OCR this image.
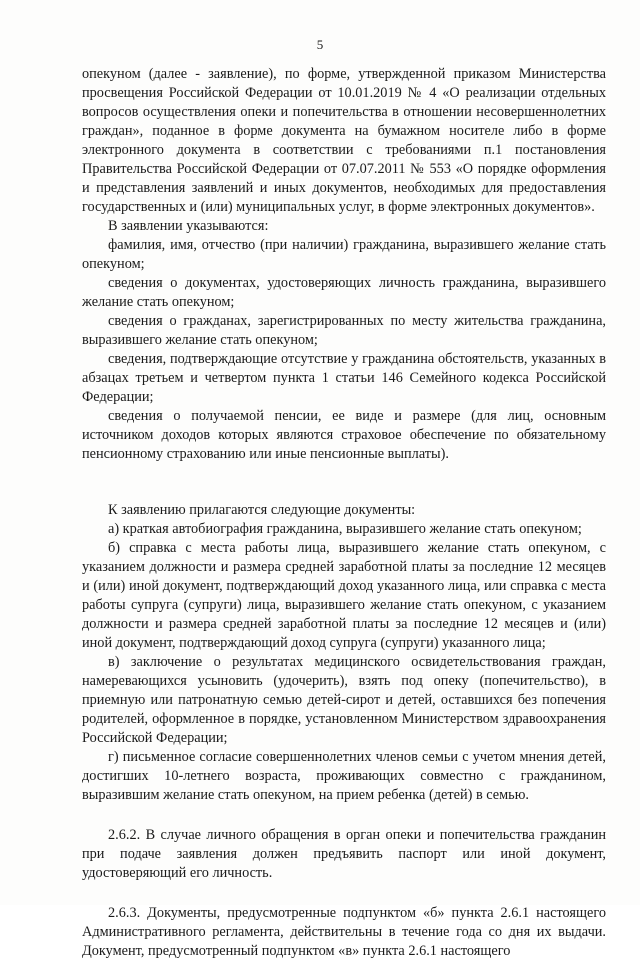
5

опекуном (далее - заявление), по форме, утвержденной приказом Министерства просвещения Российской Федерации от 10.01.2019 № 4 «О реализации отдельных вопросов осуществления опеки и попечительства в отношении несовершеннолетних граждан», поданное в форме документа на бумажном носителе либо в форме электронного документа в соответствии с требованиями п.1 постановления Правительства Российской Федерации от 07.07.2011 № 553 «О порядке оформления и представления заявлений и иных документов, необходимых для предоставления государственных и (или) муниципальных услуг, в форме электронных документов».

В заявлении указываются:

фамилия, имя, отчество (при наличии) гражданина, выразившего желание стать опекуном;

сведения о документах, удостоверяющих личность гражданина, выразившего желание стать опекуном;

сведения о гражданах, зарегистрированных по месту жительства гражданина, выразившего желание стать опекуном;

сведения, подтверждающие отсутствие у гражданина обстоятельств, указанных в абзацах третьем и четвертом пункта 1 статьи 146 Семейного кодекса Российской Федерации;

сведения о получаемой пенсии, ее виде и размере (для лиц, основным источником доходов которых являются страховое обеспечение по обязательному пенсионному страхованию или иные пенсионные выплаты).

К заявлению прилагаются следующие документы:

а) краткая автобиография гражданина, выразившего желание стать опекуном;

б) справка с места работы лица, выразившего желание стать опекуном, с указанием должности и размера средней заработной платы за последние 12 месяцев и (или) иной документ, подтверждающий доход указанного лица, или справка с места работы супруга (супруги) лица, выразившего желание стать опекуном, с указанием должности и размера средней заработной платы за последние 12 месяцев и (или) иной документ, подтверждающий доход супруга (супруги) указанного лица;

в) заключение о результатах медицинского освидетельствования граждан, намеревающихся усыновить (удочерить), взять под опеку (попечительство), в приемную или патронатную семью детей-сирот и детей, оставшихся без попечения родителей, оформленное в порядке, установленном Министерством здравоохранения Российской Федерации;

г) письменное согласие совершеннолетних членов семьи с учетом мнения детей, достигших 10-летнего возраста, проживающих совместно с гражданином, выразившим желание стать опекуном, на прием ребенка (детей) в семью.

2.6.2. В случае личного обращения в орган опеки и попечительства гражданин при подаче заявления должен предъявить паспорт или иной документ, удостоверяющий его личность.

2.6.3. Документы, предусмотренные подпунктом «б» пункта 2.6.1 настоящего Административного регламента, действительны в течение года со дня их выдачи. Документ, предусмотренный подпунктом «в» пункта 2.6.1 настоящего
